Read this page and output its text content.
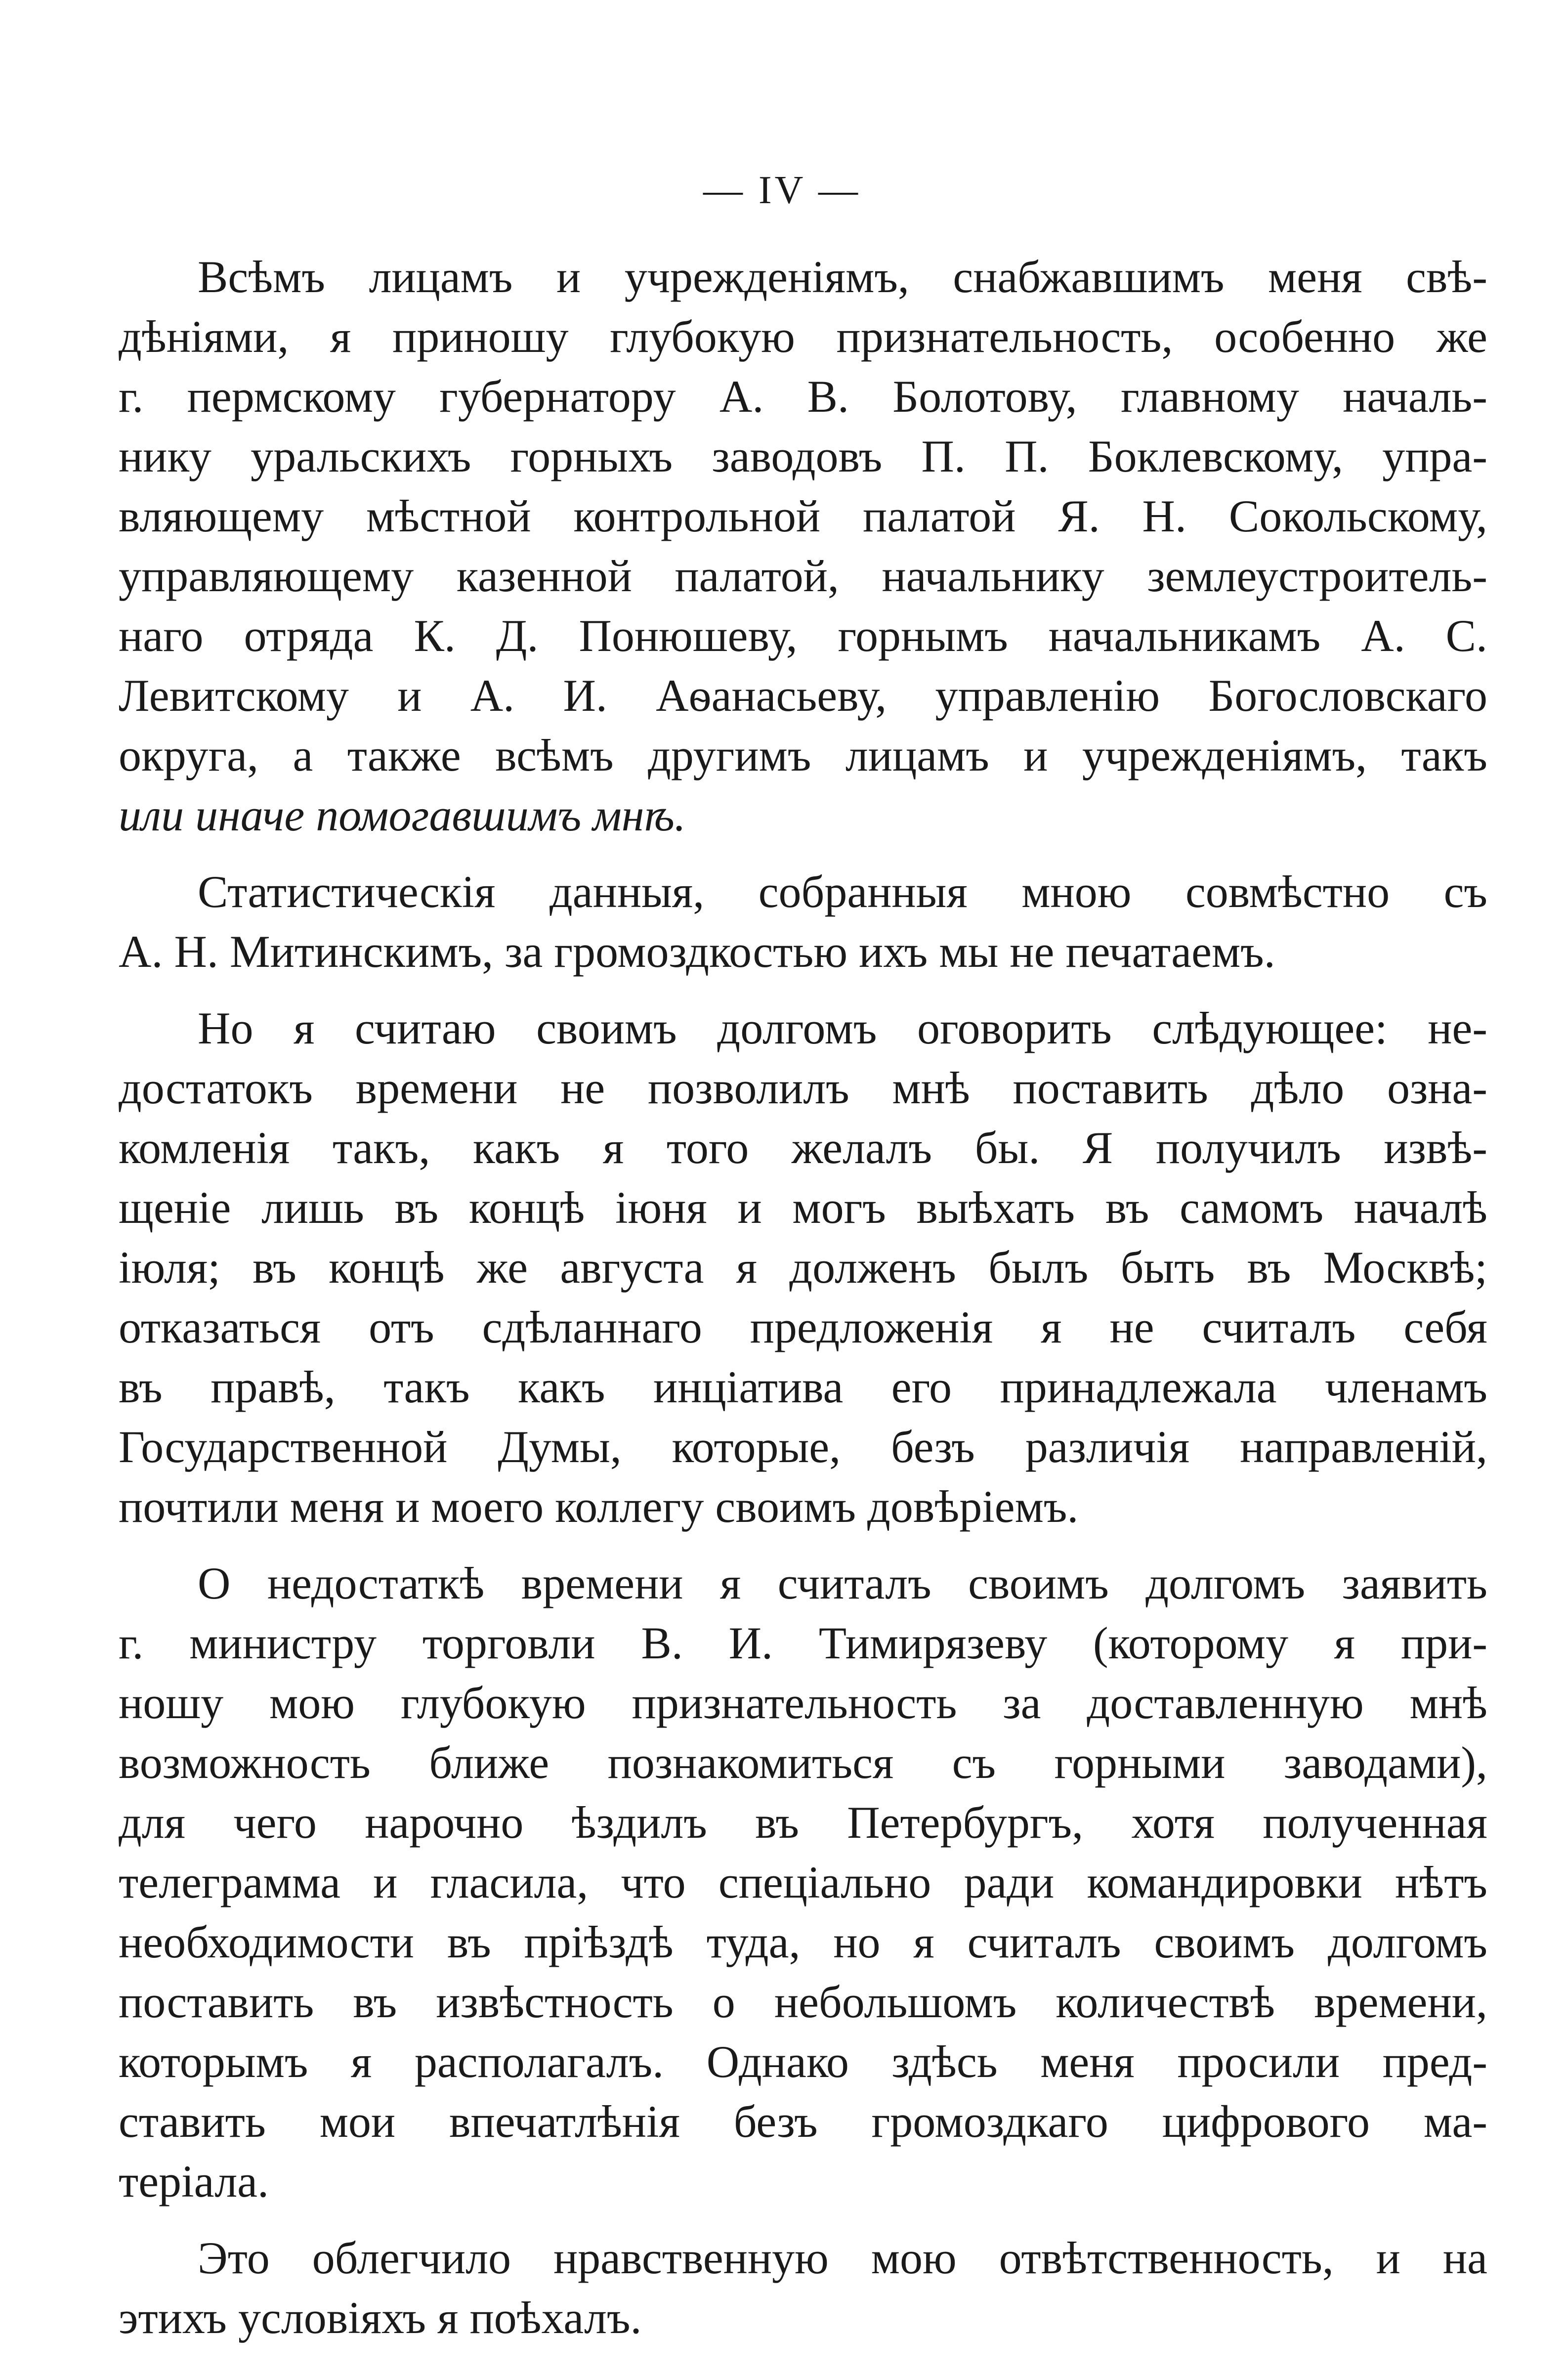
— IV —

Всѣмъ лицамъ и учрежденіямъ, снабжавшимъ меня свѣ-

дѣніями, я приношу глубокую признательность, особенно же

г. пермскому губернатору А. В. Болотову, главному началь-

нику уральскихъ горныхъ заводовъ П. П. Боклевскому, упра-

вляющему мѣстной контрольной палатой Я. Н. Сокольскому,

управляющему казенной палатой, начальнику землеустроитель-

наго отряда К. Д. Понюшеву, горнымъ начальникамъ А. С.

Левитскому и А. И. Аѳанасьеву, управленію Богословскаго

округа, а также всѣмъ другимъ лицамъ и учрежденіямъ, такъ

или иначе помогавшимъ мнѣ.

Статистическія данныя, собранныя мною совмѣстно съ

А. Н. Митинскимъ, за громоздкостью ихъ мы не печатаемъ.

Но я считаю своимъ долгомъ оговорить слѣдующее: не-

достатокъ времени не позволилъ мнѣ поставить дѣло озна-

комленія такъ, какъ я того желалъ бы. Я получилъ извѣ-

щеніе лишь въ концѣ іюня и могъ выѣхать въ самомъ началѣ

іюля; въ концѣ же августа я долженъ былъ быть въ Москвѣ;

отказаться отъ сдѣланнаго предложенія я не считалъ себя

въ правѣ, такъ какъ инціатива его принадлежала членамъ

Государственной Думы, которые, безъ различія направленій,

почтили меня и моего коллегу своимъ довѣріемъ.

О недостаткѣ времени я считалъ своимъ долгомъ заявить

г. министру торговли В. И. Тимирязеву (которому я при-

ношу мою глубокую признательность за доставленную мнѣ

возможность ближе познакомиться съ горными заводами),

для чего нарочно ѣздилъ въ Петербургъ, хотя полученная

телеграмма и гласила, что спеціально ради командировки нѣтъ

необходимости въ пріѣздѣ туда, но я считалъ своимъ долгомъ

поставить въ извѣстность о небольшомъ количествѣ времени,

которымъ я располагалъ. Однако здѣсь меня просили пред-

ставить мои впечатлѣнія безъ громоздкаго цифрового ма-

теріала.

Это облегчило нравственную мою отвѣтственность, и на

этихъ условіяхъ я поѣхалъ.
